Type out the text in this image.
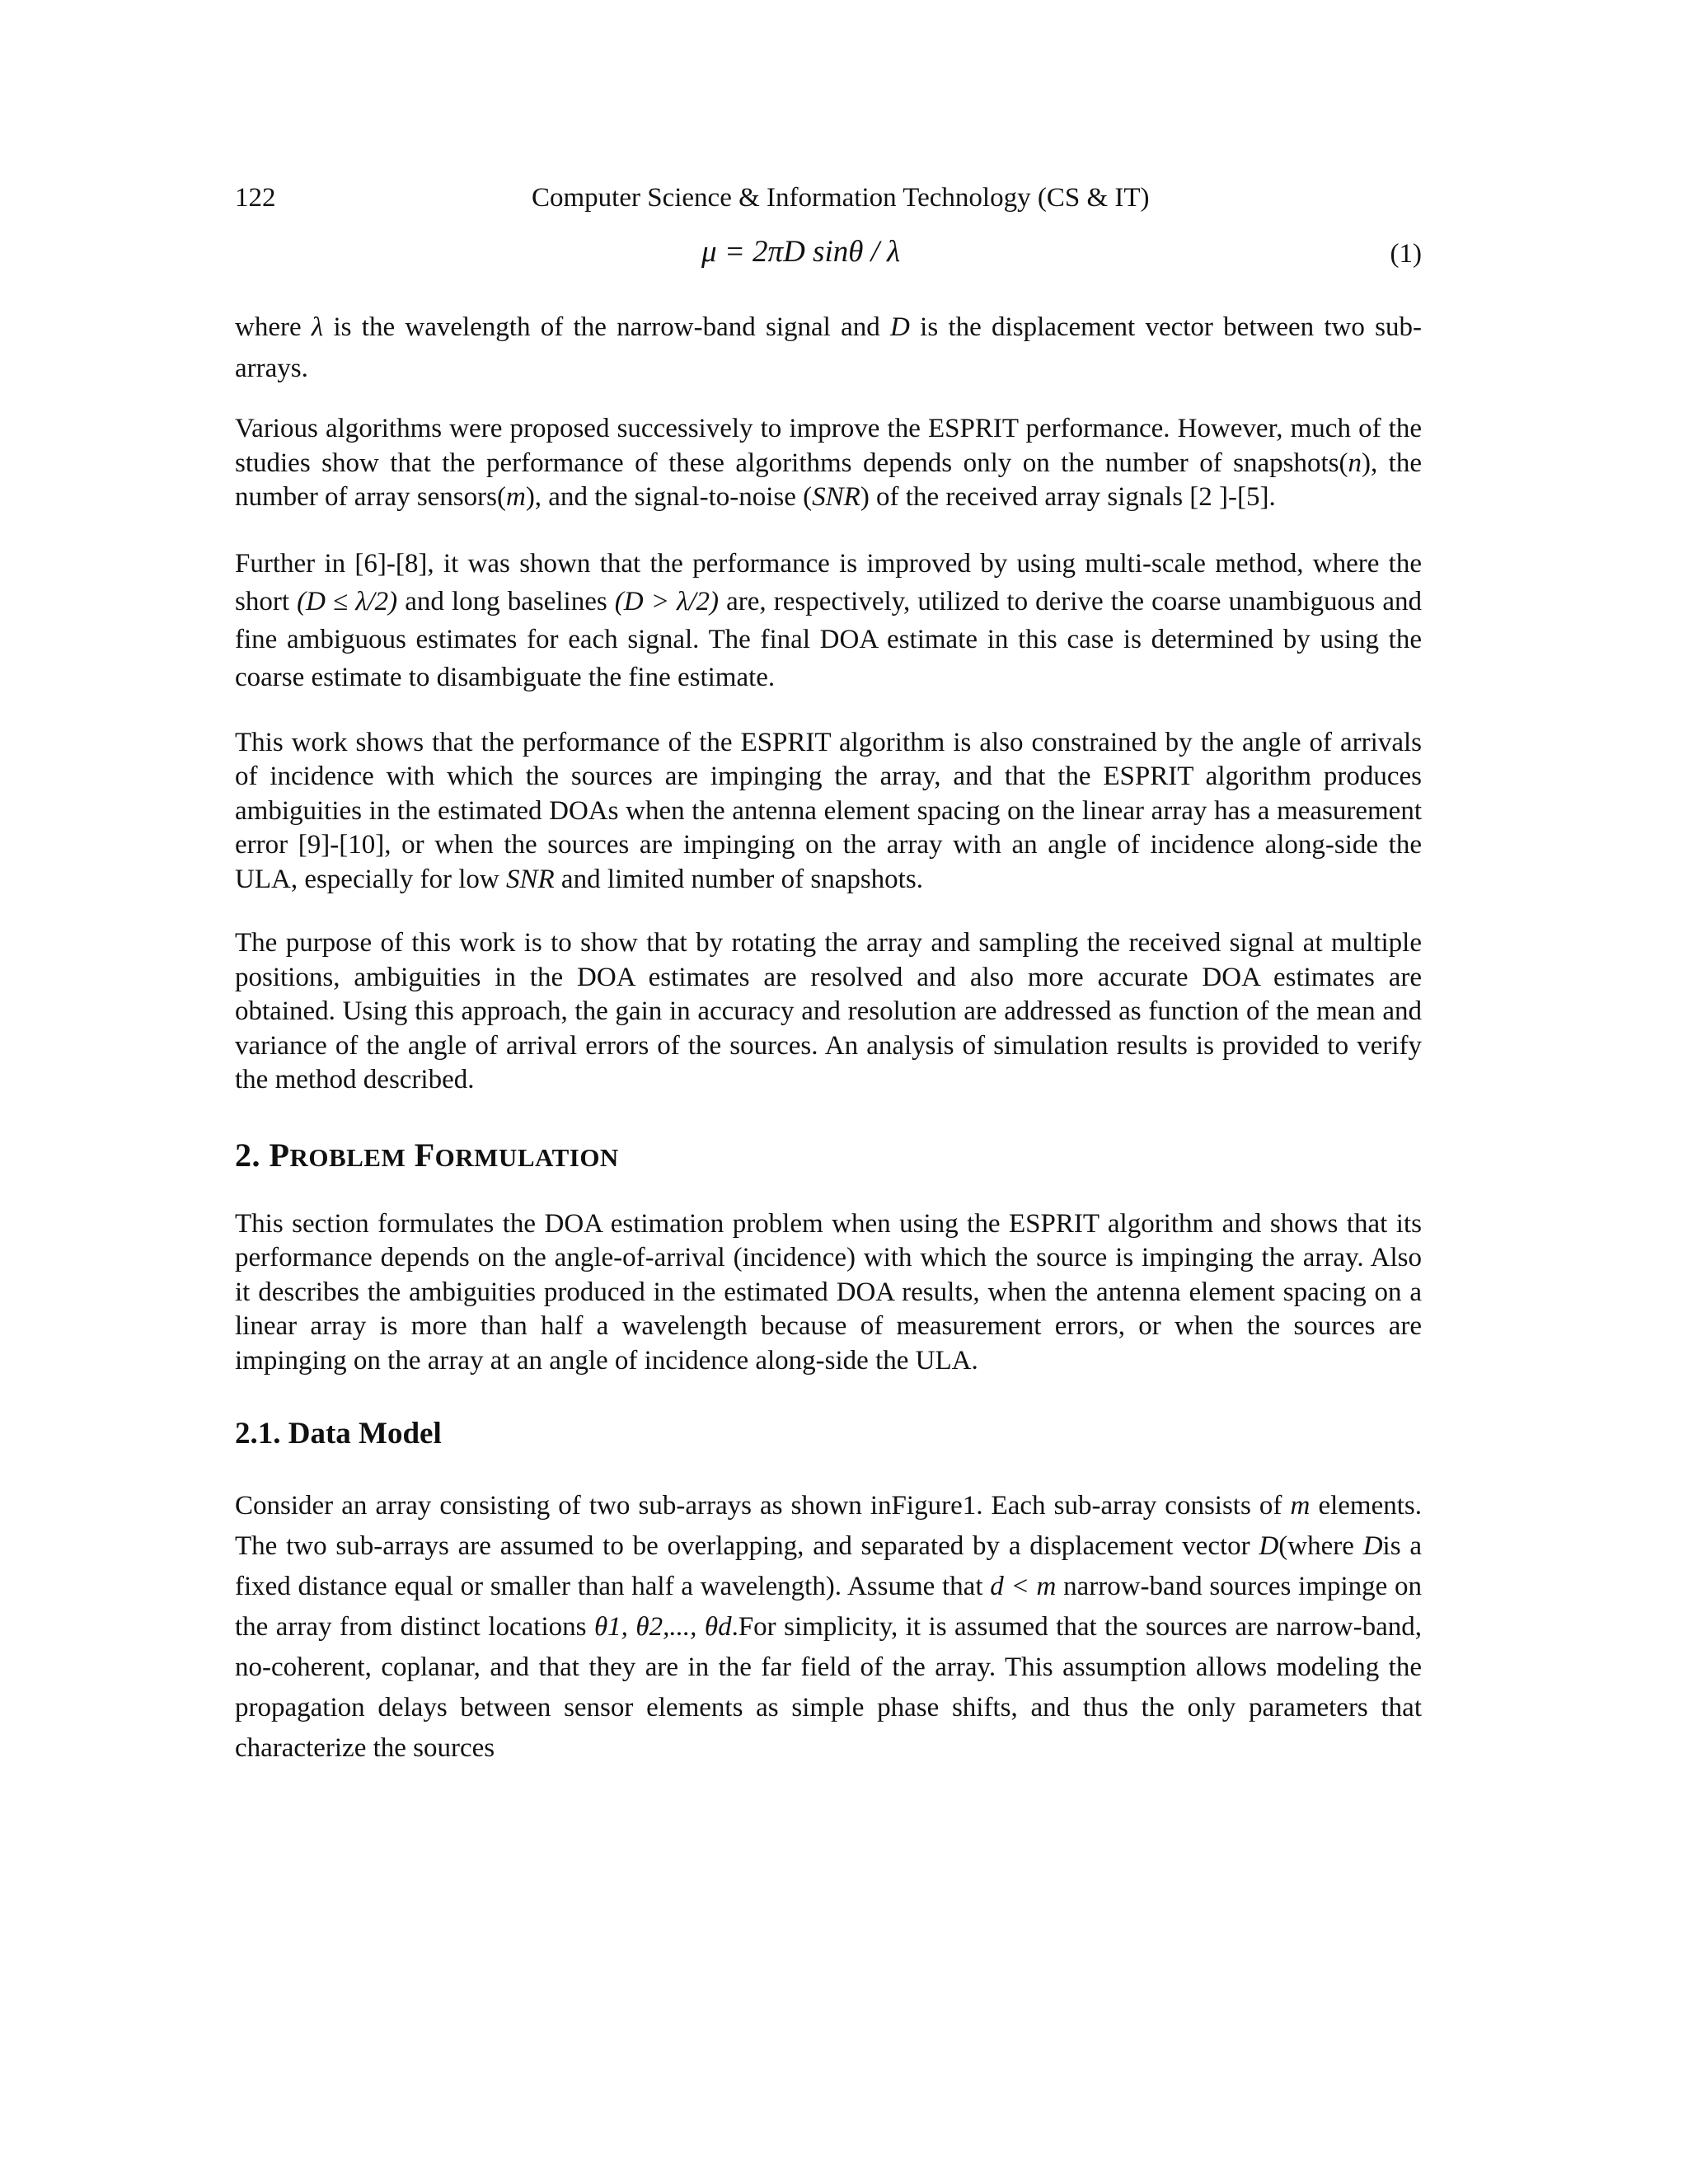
122	Computer Science & Information Technology (CS & IT)
μ = 2πD sinθ / λ	(1)

where λ is the wavelength of the narrow-band signal and D is the displacement vector between two sub-arrays.

Various algorithms were proposed successively to improve the ESPRIT performance. However, much of the studies show that the performance of these algorithms depends only on the number of snapshots(n), the number of array sensors(m), and the signal-to-noise (SNR) of the received array signals [2 ]-[5].

Further in [6]-[8], it was shown that the performance is improved by using multi-scale method, where the short (D ≤ λ/2) and long baselines (D > λ/2) are, respectively, utilized to derive the coarse unambiguous and fine ambiguous estimates for each signal. The final DOA estimate in this case is determined by using the coarse estimate to disambiguate the fine estimate.

This work shows that the performance of the ESPRIT algorithm is also constrained by the angle of arrivals of incidence with which the sources are impinging the array, and that the ESPRIT algorithm produces ambiguities in the estimated DOAs when the antenna element spacing on the linear array has a measurement error [9]-[10], or when the sources are impinging on the array with an angle of incidence along-side the ULA, especially for low SNR and limited number of snapshots.

The purpose of this work is to show that by rotating the array and sampling the received signal at multiple positions, ambiguities in the DOA estimates are resolved and also more accurate DOA estimates are obtained. Using this approach, the gain in accuracy and resolution are addressed as function of the mean and variance of the angle of arrival errors of the sources. An analysis of simulation results is provided to verify the method described.

2. PROBLEM FORMULATION

This section formulates the DOA estimation problem when using the ESPRIT algorithm and shows that its performance depends on the angle-of-arrival (incidence) with which the source is impinging the array. Also it describes the ambiguities produced in the estimated DOA results, when the antenna element spacing on a linear array is more than half a wavelength because of measurement errors, or when the sources are impinging on the array at an angle of incidence along-side the ULA.

2.1. Data Model

Consider an array consisting of two sub-arrays as shown inFigure1. Each sub-array consists of m elements. The two sub-arrays are assumed to be overlapping, and separated by a displacement vector D(where Dis a fixed distance equal or smaller than half a wavelength). Assume that d < m narrow-band sources impinge on the array from distinct locations θ1, θ2,..., θd.For simplicity, it is assumed that the sources are narrow-band, no-coherent, coplanar, and that they are in the far field of the array. This assumption allows modeling the propagation delays between sensor elements as simple phase shifts, and thus the only parameters that characterize the sources
